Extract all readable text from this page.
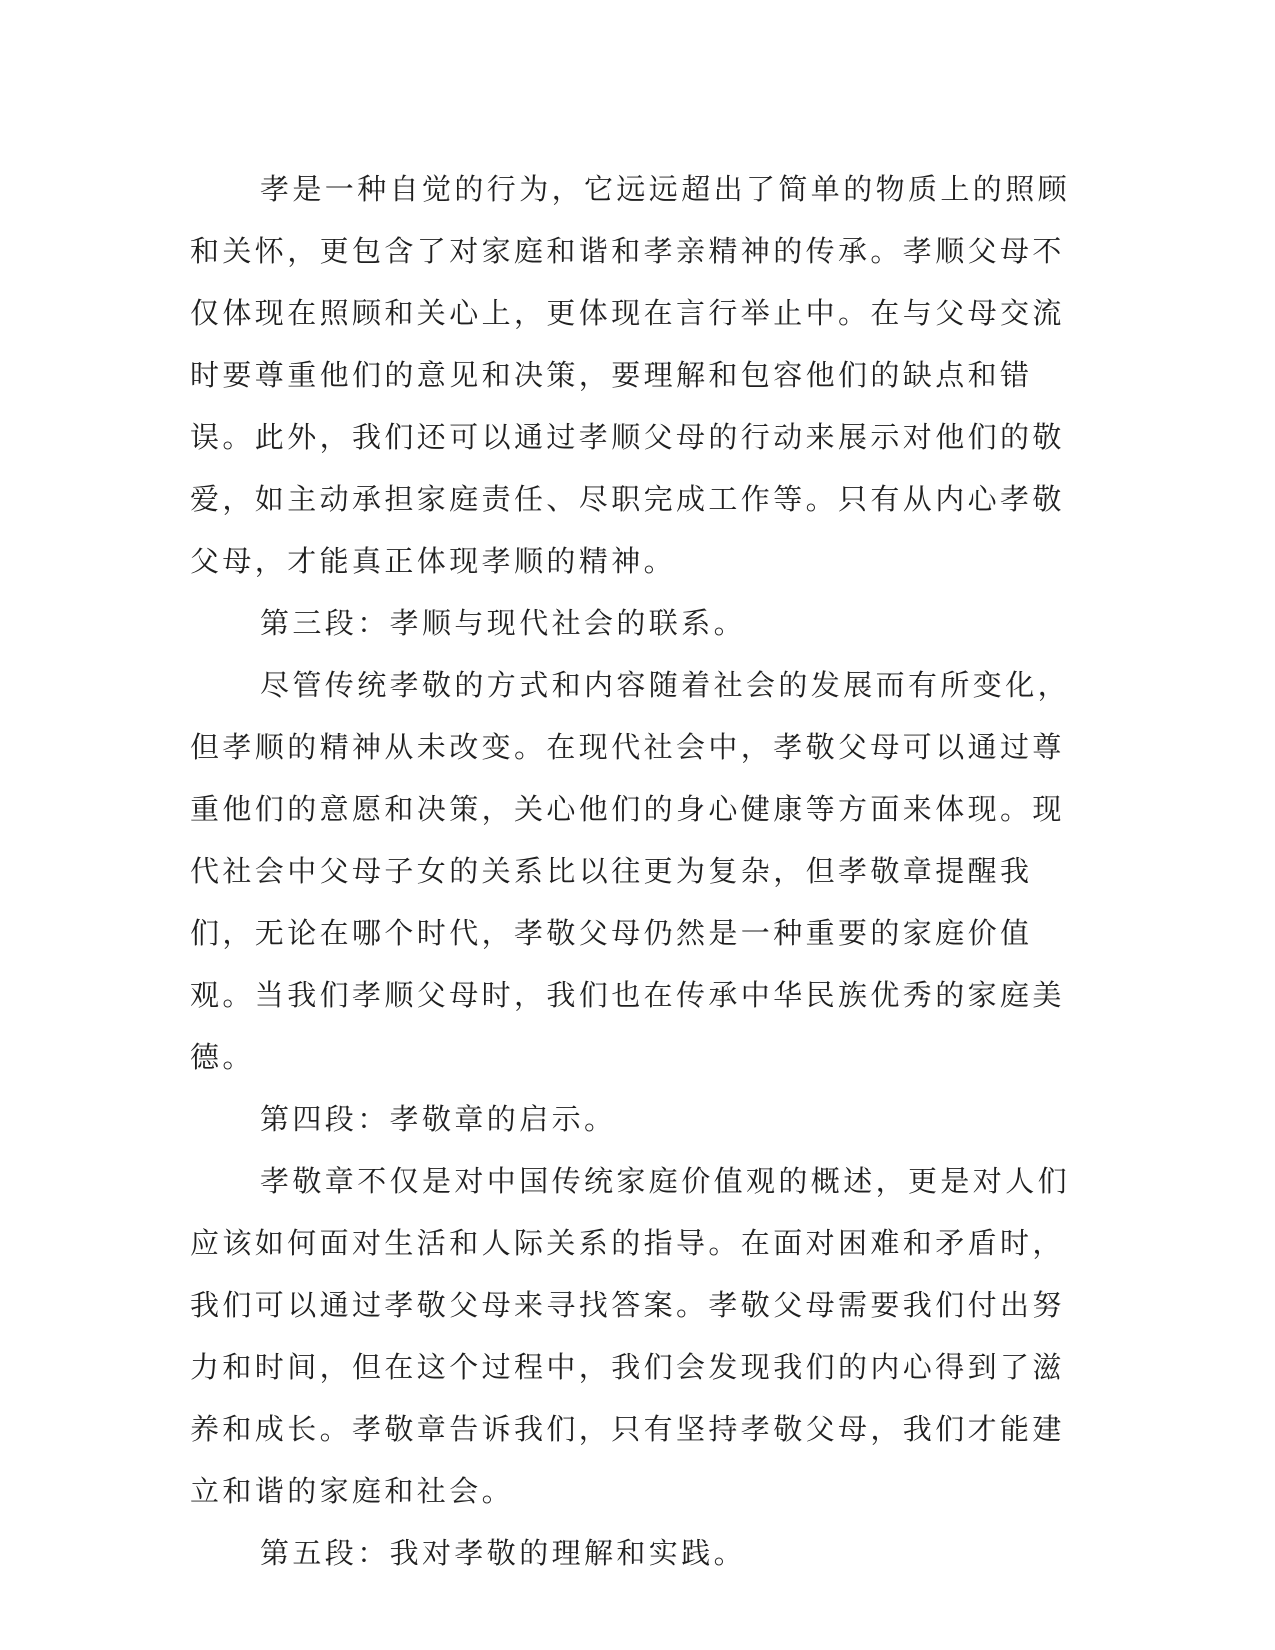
孝是一种自觉的行为，它远远超出了简单的物质上的照顾和关怀，更包含了对家庭和谐和孝亲精神的传承。孝顺父母不仅体现在照顾和关心上，更体现在言行举止中。在与父母交流时要尊重他们的意见和决策，要理解和包容他们的缺点和错误。此外，我们还可以通过孝顺父母的行动来展示对他们的敬爱，如主动承担家庭责任、尽职完成工作等。只有从内心孝敬父母，才能真正体现孝顺的精神。

第三段：孝顺与现代社会的联系。

尽管传统孝敬的方式和内容随着社会的发展而有所变化，但孝顺的精神从未改变。在现代社会中，孝敬父母可以通过尊重他们的意愿和决策，关心他们的身心健康等方面来体现。现代社会中父母子女的关系比以往更为复杂，但孝敬章提醒我们，无论在哪个时代，孝敬父母仍然是一种重要的家庭价值观。当我们孝顺父母时，我们也在传承中华民族优秀的家庭美德。

第四段：孝敬章的启示。

孝敬章不仅是对中国传统家庭价值观的概述，更是对人们应该如何面对生活和人际关系的指导。在面对困难和矛盾时，我们可以通过孝敬父母来寻找答案。孝敬父母需要我们付出努力和时间，但在这个过程中，我们会发现我们的内心得到了滋养和成长。孝敬章告诉我们，只有坚持孝敬父母，我们才能建立和谐的家庭和社会。

第五段：我对孝敬的理解和实践。
